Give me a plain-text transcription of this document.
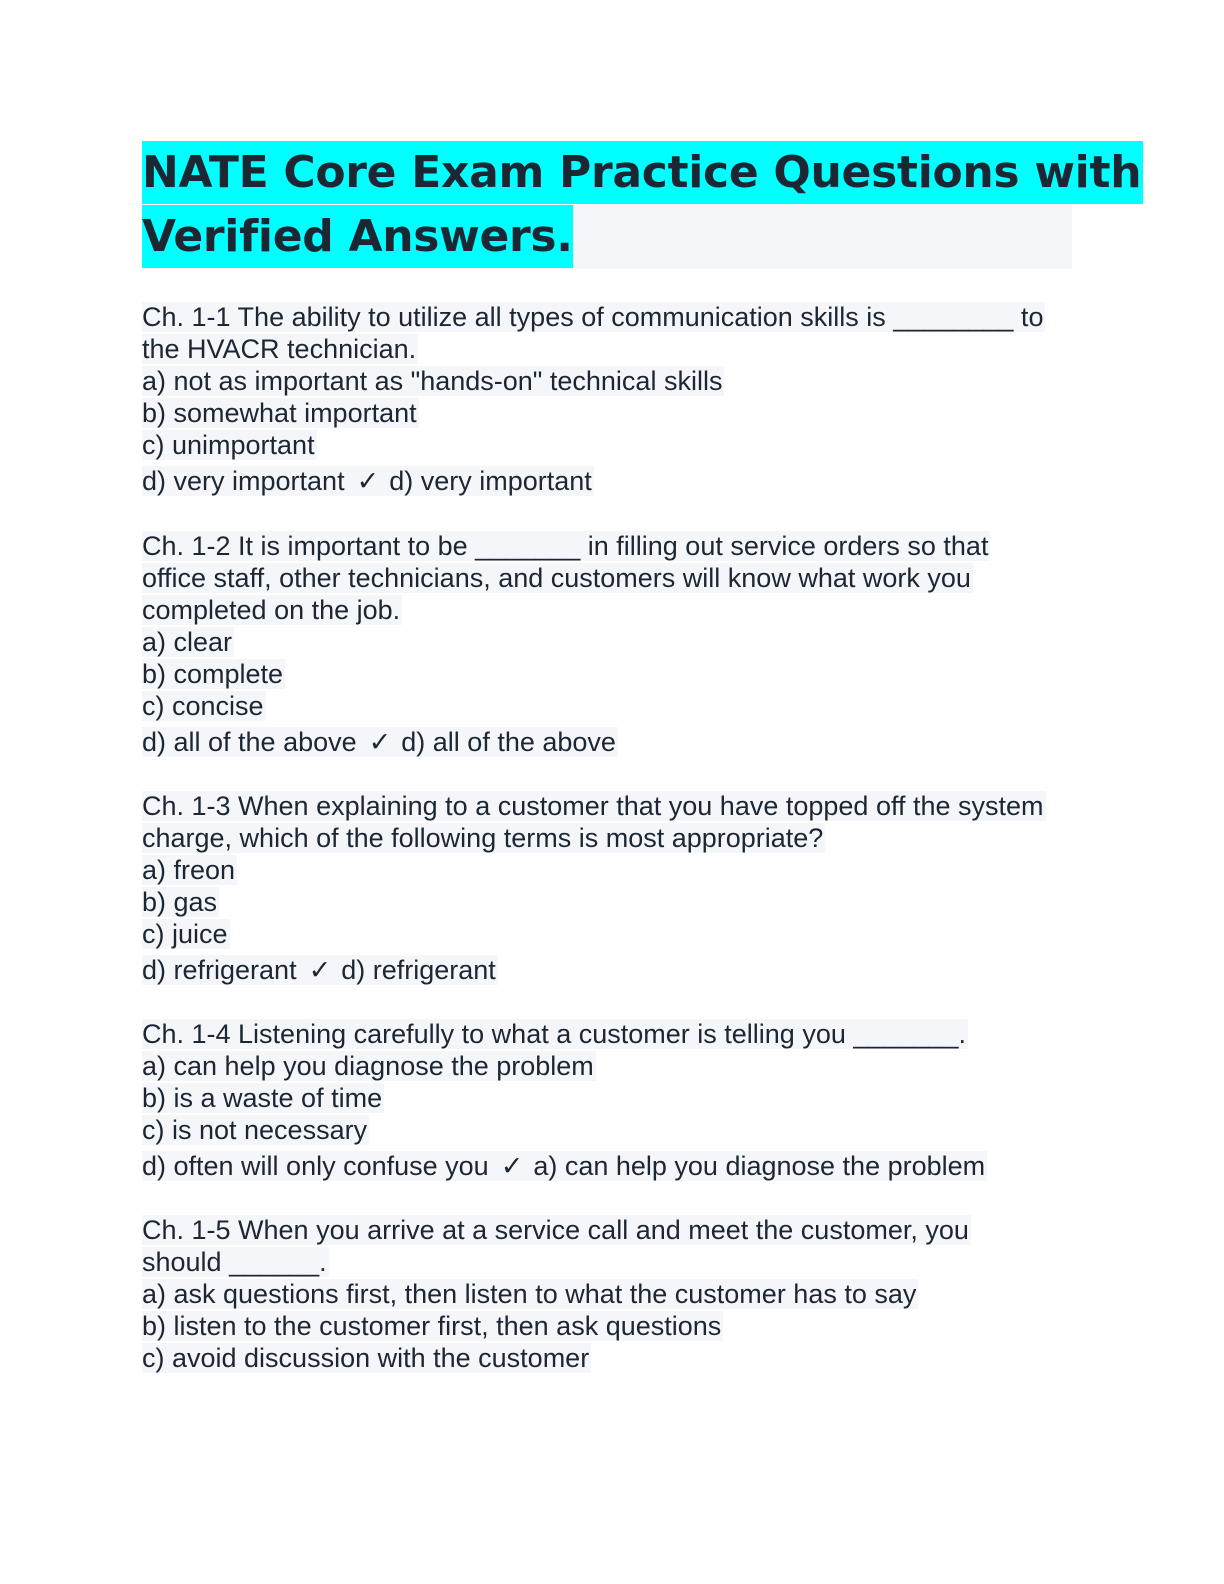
NATE Core Exam Practice Questions with
Verified Answers.
Ch. 1-1 The ability to utilize all types of communication skills is ________ to
the HVACR technician.
a) not as important as "hands-on" technical skills
b) somewhat important
c) unimportant
d) very important ✓ d) very important
Ch. 1-2 It is important to be _______ in filling out service orders so that
office staff, other technicians, and customers will know what work you
completed on the job.
a) clear
b) complete
c) concise
d) all of the above ✓ d) all of the above
Ch. 1-3 When explaining to a customer that you have topped off the system
charge, which of the following terms is most appropriate?
a) freon
b) gas
c) juice
d) refrigerant ✓ d) refrigerant
Ch. 1-4 Listening carefully to what a customer is telling you _______.
a) can help you diagnose the problem
b) is a waste of time
c) is not necessary
d) often will only confuse you ✓ a) can help you diagnose the problem
Ch. 1-5 When you arrive at a service call and meet the customer, you
should ______.
a) ask questions first, then listen to what the customer has to say
b) listen to the customer first, then ask questions
c) avoid discussion with the customer
